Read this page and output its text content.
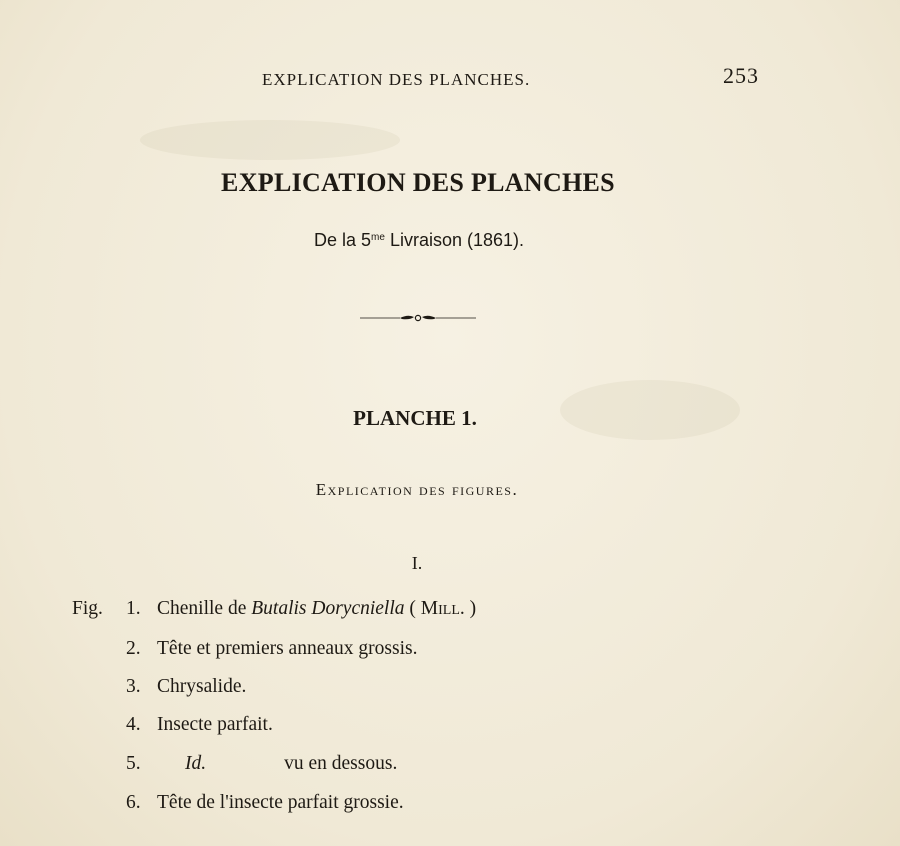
EXPLICATION DES PLANCHES.	253
EXPLICATION DES PLANCHES
De la $5^{me}$ Livraison (1861).
PLANCHE 1.
Explication des figures.
I.
Fig. 1. Chenille de Butalis Dorycniella ( Mill. )
2. Tête et premiers anneaux grossis.
3. Chrysalide.
4. Insecte parfait.
5.	Id.	vu en dessous.
6. Tête de l'insecte parfait grossie.
